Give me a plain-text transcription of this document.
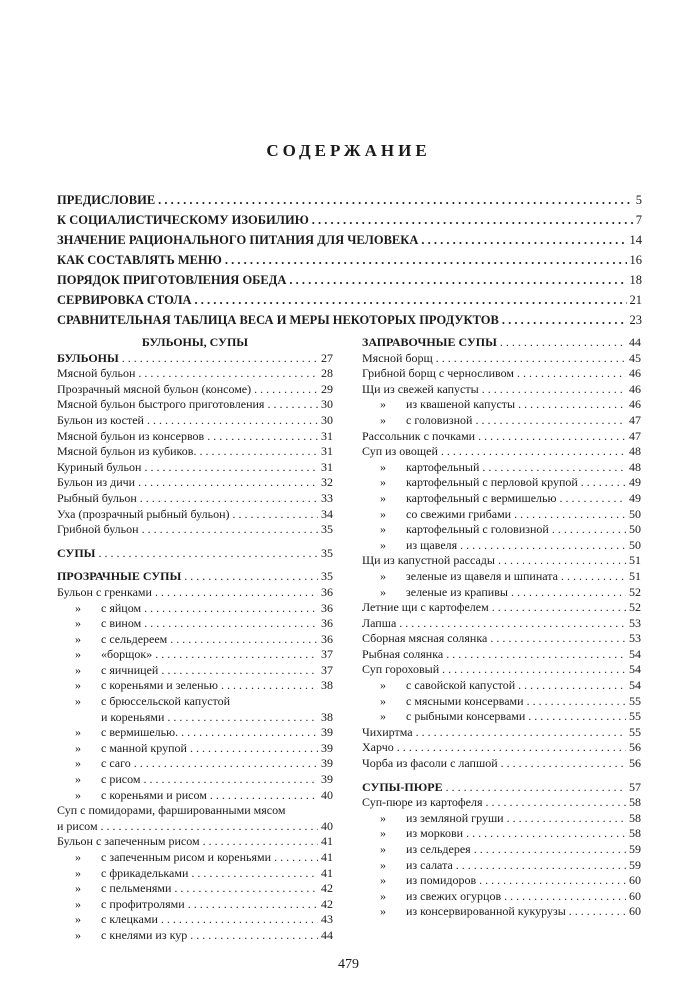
СОДЕРЖАНИЕ
ПРЕДИСЛОВИЕ . . .	5
К СОЦИАЛИСТИЧЕСКОМУ ИЗОБИЛИЮ . . .	7
ЗНАЧЕНИЕ РАЦИОНАЛЬНОГО ПИТАНИЯ ДЛЯ ЧЕЛОВЕКА . . .	14
КАК СОСТАВЛЯТЬ МЕНЮ . . .	16
ПОРЯДОК ПРИГОТОВЛЕНИЯ ОБЕДА . . .	18
СЕРВИРОВКА СТОЛА . . .	21
СРАВНИТЕЛЬНАЯ ТАБЛИЦА ВЕСА И МЕРЫ НЕКОТОРЫХ ПРОДУКТОВ . . .	23
БУЛЬОНЫ, СУПЫ
БУЛЬОНЫ . . .	27
Мясной бульон . . .	28
Прозрачный мясной бульон (консоме) . . .	29
Мясной бульон быстрого приготовления . . .	30
Бульон из костей . . .	30
Мясной бульон из консервов . . .	31
Мясной бульон из кубиков. . . .	31
Куриный бульон . . .	31
Бульон из дичи . . .	32
Рыбный бульон . . .	33
Уха (прозрачный рыбный бульон) . . .	34
Грибной бульон . . .	35
СУПЫ . . .	35
ПРОЗРАЧНЫЕ СУПЫ . . .	35
Бульон с гренками . . .	36
» с яйцом . . .	36
» с вином . . .	36
» с сельдереем . . .	36
» «борщок» . . .	37
» с яичницей . . .	37
» с кореньями и зеленью . . .	38
» с брюссельской капустой
и кореньями . . .	38
» с вермишелью. . . .	39
» с манной крупой . . .	39
» с саго . . .	39
» с рисом . . .	39
» с кореньями и рисом . . .	40
Суп с помидорами, фаршированными мясом
и рисом . . .	40
Бульон с запеченным рисом . . .	41
» с запеченным рисом и кореньями . . .	41
» с фрикадельками . . .	41
» с пельменями . . .	42
» с профитролями . . .	42
» с клецками . . .	43
» с кнелями из кур . . .	44
ЗАПРАВОЧНЫЕ СУПЫ . . .	44
Мясной борщ . . .	45
Грибной борщ с черносливом . . .	46
Щи из свежей капусты . . .	46
» из квашеной капусты . . .	46
» с головизной . . .	47
Рассольник с почками . . .	47
Суп из овощей . . .	48
» картофельный . . .	48
» картофельный с перловой крупой . . .	49
» картофельный с вермишелью . . .	49
» со свежими грибами . . .	50
» картофельный с головизной . . .	50
» из щавеля . . .	50
Щи из капустной рассады . . .	51
» зеленые из щавеля и шпината . . .	51
» зеленые из крапивы . . .	52
Летние щи с картофелем . . .	52
Лапша . . .	53
Сборная мясная солянка . . .	53
Рыбная солянка . . .	54
Суп гороховый . . .	54
» с савойской капустой . . .	54
» с мясными консервами . . .	55
» с рыбными консервами . . .	55
Чихиртма . . .	55
Харчо . . .	56
Чорба из фасоли с лапшой . . .	56
СУПЫ-ПЮРЕ . . .	57
Суп-пюре из картофеля . . .	58
» из земляной груши . . .	58
» из моркови . . .	58
» из сельдерея . . .	59
» из салата . . .	59
» из помидоров . . .	60
» из свежих огурцов . . .	60
» из консервированной кукурузы . . .	60
479
